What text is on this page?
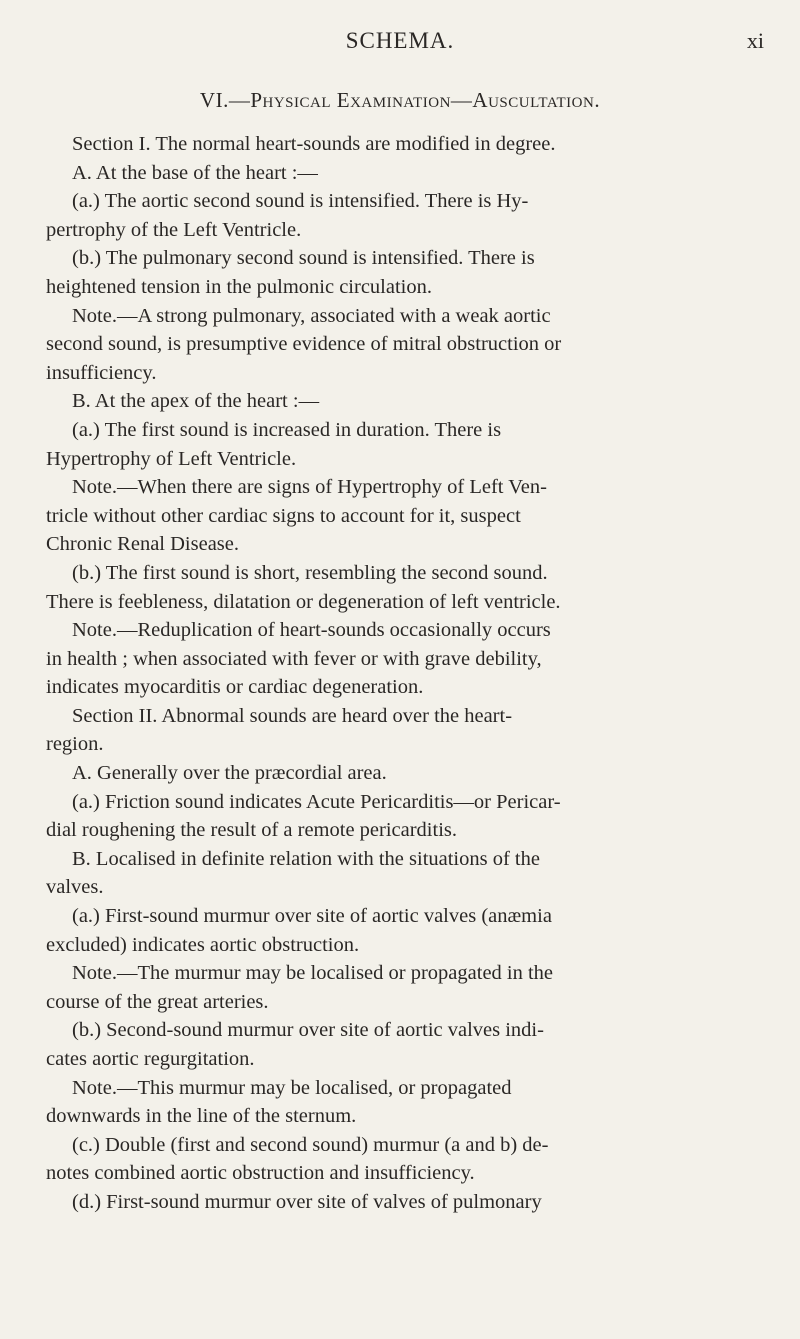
SCHEMA.	xi
VI.—Physical Examination—Auscultation.
Section I. The normal heart-sounds are modified in degree.
A. At the base of the heart :—
(a.) The aortic second sound is intensified. There is Hy-
pertrophy of the Left Ventricle.
(b.) The pulmonary second sound is intensified. There is
heightened tension in the pulmonic circulation.
Note.—A strong pulmonary, associated with a weak aortic
second sound, is presumptive evidence of mitral obstruction or
insufficiency.
B. At the apex of the heart :—
(a.) The first sound is increased in duration. There is
Hypertrophy of Left Ventricle.
Note.—When there are signs of Hypertrophy of Left Ven-
tricle without other cardiac signs to account for it, suspect
Chronic Renal Disease.
(b.) The first sound is short, resembling the second sound.
There is feebleness, dilatation or degeneration of left ventricle.
Note.—Reduplication of heart-sounds occasionally occurs
in health ; when associated with fever or with grave debility,
indicates myocarditis or cardiac degeneration.
Section II. Abnormal sounds are heard over the heart-
region.
A. Generally over the præcordial area.
(a.) Friction sound indicates Acute Pericarditis—or Pericar-
dial roughening the result of a remote pericarditis.
B. Localised in definite relation with the situations of the
valves.
(a.) First-sound murmur over site of aortic valves (anæmia
excluded) indicates aortic obstruction.
Note.—The murmur may be localised or propagated in the
course of the great arteries.
(b.) Second-sound murmur over site of aortic valves indi-
cates aortic regurgitation.
Note.—This murmur may be localised, or propagated
downwards in the line of the sternum.
(c.) Double (first and second sound) murmur (a and b) de-
notes combined aortic obstruction and insufficiency.
(d.) First-sound murmur over site of valves of pulmonary
